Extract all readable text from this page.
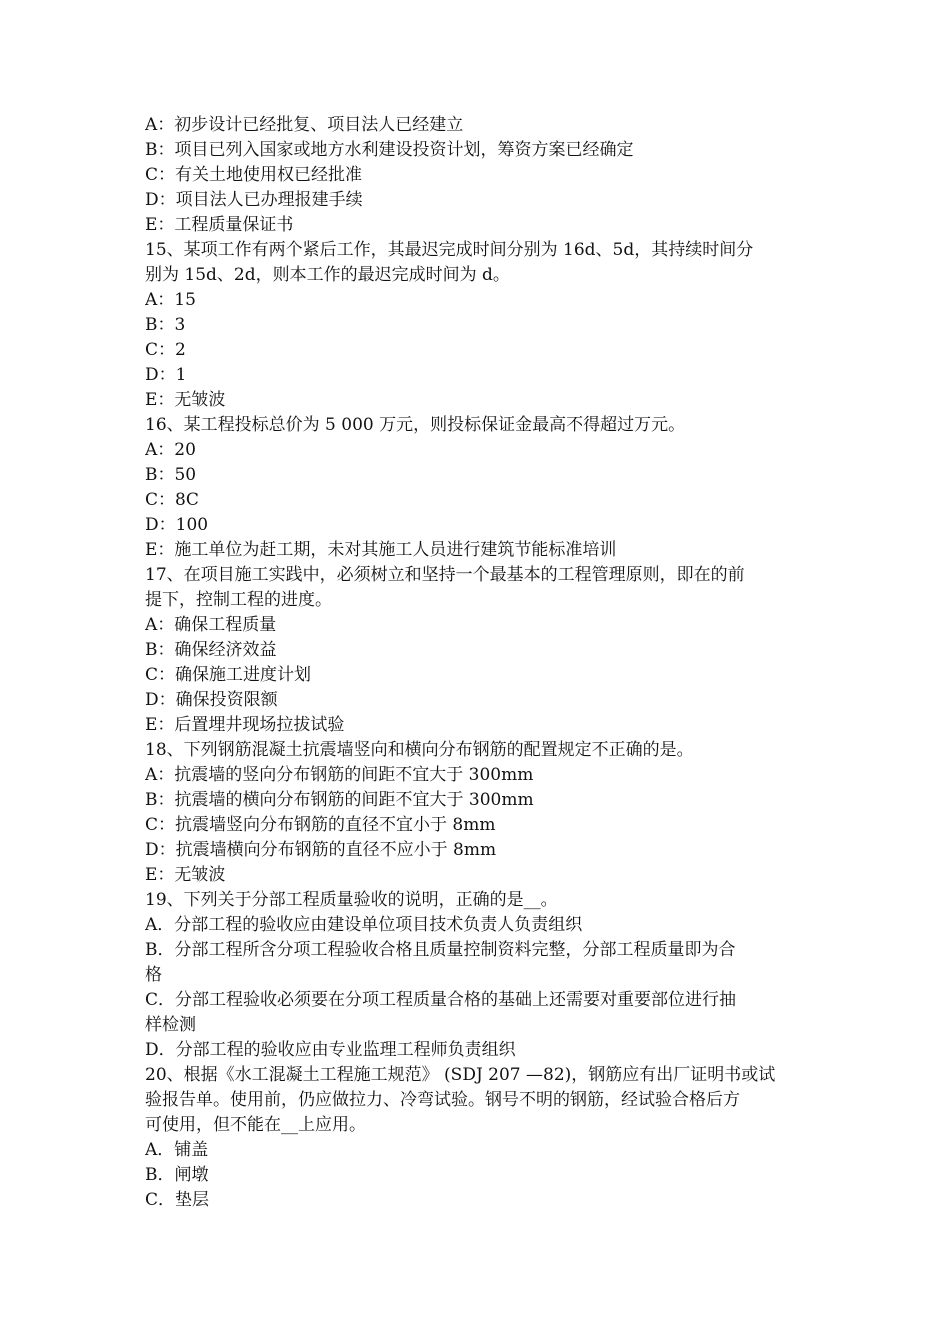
A：初步设计已经批复、项目法人已经建立
B：项目已列入国家或地方水利建设投资计划，筹资方案已经确定
C：有关土地使用权已经批准
D：项目法人已办理报建手续
E：工程质量保证书
15、某项工作有两个紧后工作，其最迟完成时间分别为 16d、5d，其持续时间分
别为 15d、2d，则本工作的最迟完成时间为 d。
A：15
B：3
C：2
D：1
E：无皱波
16、某工程投标总价为 5 000 万元，则投标保证金最高不得超过万元。
A：20
B：50
C：8C
D：100
E：施工单位为赶工期，未对其施工人员进行建筑节能标准培训
17、在项目施工实践中，必须树立和坚持一个最基本的工程管理原则，即在的前
提下，控制工程的进度。
A：确保工程质量
B：确保经济效益
C：确保施工进度计划
D：确保投资限额
E：后置埋井现场拉拔试验
18、下列钢筋混凝土抗震墙竖向和横向分布钢筋的配置规定不正确的是。
A：抗震墙的竖向分布钢筋的间距不宜大于 300mm
B：抗震墙的横向分布钢筋的间距不宜大于 300mm
C：抗震墙竖向分布钢筋的直径不宜小于 8mm
D：抗震墙横向分布钢筋的直径不应小于 8mm
E：无皱波
19、下列关于分部工程质量验收的说明，正确的是__。
A．分部工程的验收应由建设单位项目技术负责人负责组织
B．分部工程所含分项工程验收合格且质量控制资料完整，分部工程质量即为合
格
C．分部工程验收必须要在分项工程质量合格的基础上还需要对重要部位进行抽
样检测
D．分部工程的验收应由专业监理工程师负责组织
20、根据《水工混凝土工程施工规范》 (SDJ 207 —82)，钢筋应有出厂证明书或试
验报告单。使用前，仍应做拉力、冷弯试验。钢号不明的钢筋，经试验合格后方
可使用，但不能在__上应用。
A．铺盖
B．闸墩
C．垫层
